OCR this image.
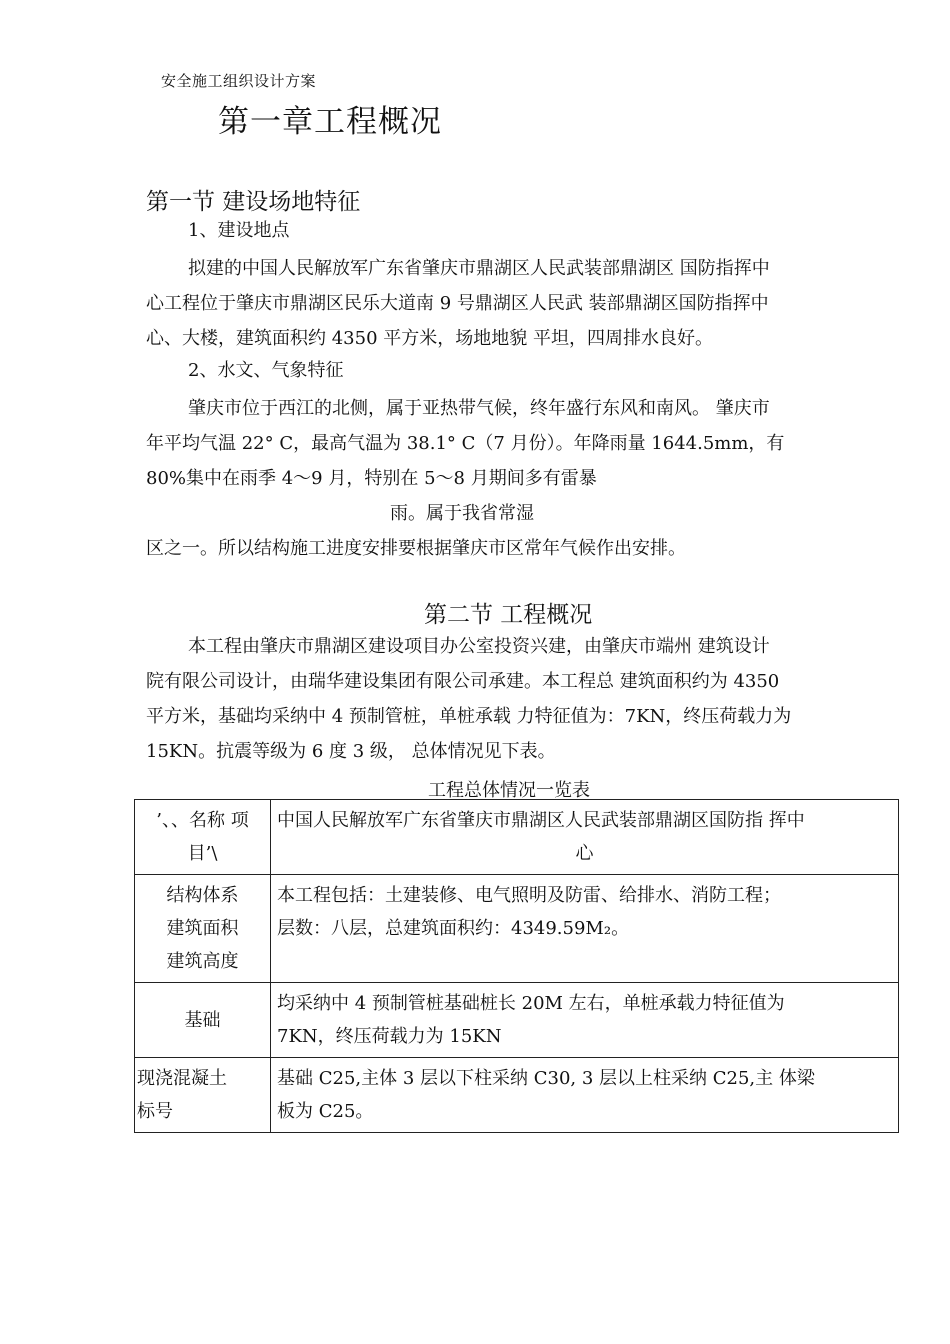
安全施工组织设计方案
第一章工程概况
第一节 建设场地特征
1、建设地点
拟建的中国人民解放军广东省肇庆市鼎湖区人民武装部鼎湖区 国防指挥中
心工程位于肇庆市鼎湖区民乐大道南 9 号鼎湖区人民武 装部鼎湖区国防指挥中
心、大楼，建筑面积约 4350 平方米，场地地貌 平坦，四周排水良好。
2、水文、气象特征
肇庆市位于西江的北侧，属于亚热带气候，终年盛行东风和南风。 肇庆市
年平均气温 22° C，最高气温为 38.1° C（7 月份）。年降雨量 1644.5mm，有
80%集中在雨季 4〜9 月，特别在 5〜8 月期间多有雷暴
雨。属于我省常湿
区之一。所以结构施工进度安排要根据肇庆市区常年气候作出安排。
第二节 工程概况
本工程由肇庆市鼎湖区建设项目办公室投资兴建，由肇庆市端州 建筑设计
院有限公司设计，由瑞华建设集团有限公司承建。本工程总 建筑面积约为 4350
平方米，基础均采纳中 4 预制管桩，单桩承载 力特征值为：7KN，终压荷载力为
15KN。抗震等级为 6 度 3 级， 总体情况见下表。
工程总体情况一览表
’、、名称 项
目’\	中国人民解放军广东省肇庆市鼎湖区人民武装部鼎湖区国防指 挥中
心

结构体系
建筑面积
建筑高度	本工程包括：土建装修、电气照明及防雷、给排水、消防工程；
层数：八层，总建筑面积约：4349.59M₂。

基础	均采纳中 4 预制管桩基础桩长 20M 左右，单桩承载力特征值为
7KN，终压荷载力为 15KN

现浇混凝土
标号	基础 C25,主体 3 层以下柱采纳 C30, 3 层以上柱采纳 C25,主 体梁
板为 C25。
